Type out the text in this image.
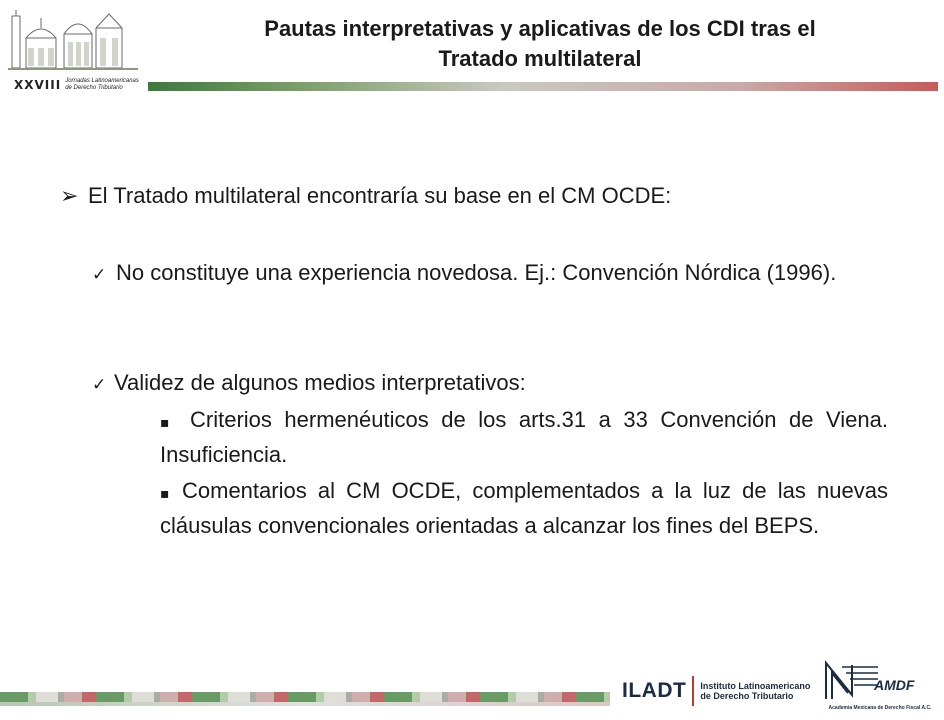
XXVIII Jornadas Latinoamericanas
de Derecho Tributario
Pautas interpretativas y aplicativas de los CDI tras el
Tratado multilateral
➢ El Tratado multilateral encontraría su base en el CM OCDE:
✓ No constituye una experiencia novedosa. Ej.: Convención Nórdica (1996).
✓ Validez de algunos medios interpretativos:
▪ Criterios hermenéuticos de los arts.31 a 33 Convención de Viena. Insuficiencia.
▪ Comentarios al CM OCDE, complementados a la luz de las nuevas cláusulas convencionales orientadas a alcanzar los fines del BEPS.
ILADT Instituto Latinoamericano
de Derecho Tributario
AMDF
Academia Mexicana de Derecho Fiscal A.C.
